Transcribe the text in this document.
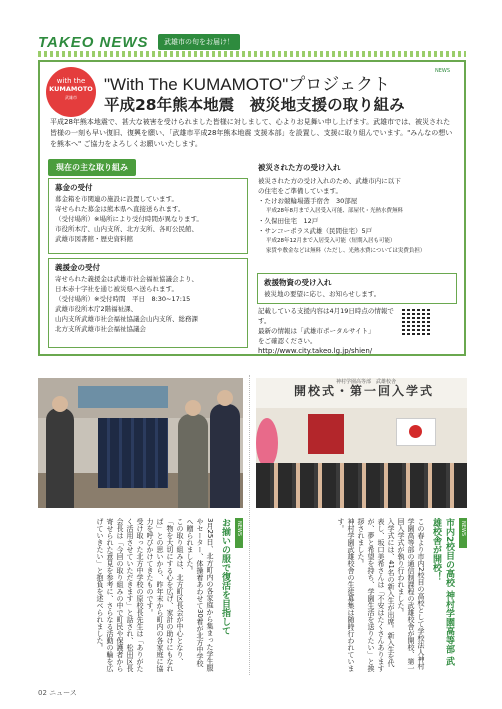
TAKEO NEWS	武雄市の旬をお届け！
with the
KUMAMOTO
武雄市
NEWS
"With The KUMAMOTO"プロジェクト
平成28年熊本地震　被災地支援の取り組み
平成28年熊本地震で、甚大な被害を受けられました皆様に対しまして、心よりお見舞い申し上げます。武雄市では、被災された皆様の一刻も早い復旧、復興を願い、「武雄市平成28年熊本地震 支援本部」を設置し、支援に取り組んでいます。"みんなの想いを熊本へ" ご協力をよろしくお願いいたします。
現在の主な取り組み
募金の受付
募金箱を市関連の施設に設置しています。
寄せられた募金は熊本県へ直接送られます。
（受付場所）※場所により受付時間が異なります。
市役所本庁、山内支所、北方支所、各町公民館、
武雄市図書館・歴史資料館
義援金の受付
寄せられた義援金は武雄市社会福祉協議会より、
日本赤十字社を通じ被災県へ送られます。
（受付場所）※受付時間　平日　8:30~17:15
武雄市役所本庁2階福祉課、
山内支所武雄市社会福祉協議会山内支所、総務課
北方支所武雄市社会福祉協議会
被災された方の受け入れ
被災された方の受け入れのため、武雄市内に以下
の住宅をご準備しています。
・たけお競輪場選手宿舎　30部屋
平成28年8月まで入居受入可能、部屋代・光熱水費無料
・久保田住宅　12戸
・サンコーポラス武雄（民間住宅）5戸
平成28年12月まで入居受入可能（短期入居も可能）
家賃や敷金などは無料（ただし、光熱水費については実費負担）
救援物資の受け入れ
被災地の要望に応じ、お知らせします。
記載している支援内容は4月19日時点の情報です。
最新の情報は「武雄市ポータルサイト」
をご確認ください。
http://www.city.takeo.lg.jp/shien/
開校式・第一回入学式
神村学園高等部　武雄校舎
NEWS
お揃いの服で復活を目指して
3月25日、北方町内の各家庭から集まった学生服やセーター、体操着あわせて30着が北方中学校へ贈られました。
この取り組みは、北方町区長会が中心となり、「物を大切にする心を広げ、家計の助けにもなれば」との思いから、昨年末から町内の各家庭に協力を呼びかけてきたものです。
受け取った北方中学校の原校長先生は「ありがたく活用させていただきます」と話され、松田区長会長は「今回の取り組みの中で町民や保護者から寄せられた意見を参考に、さらなる活動の輪を広げていきたい」と抱負を述べられました。	NEWS
市内2校目の高校 神村学園高等部 武雄校舎が開校！
この春より市内2校目の高校として学校法人神村学園高等部の通信制課程の武雄校舎が開校、第一回入学式が執り行われました。
入学式には、41名の新入生が出席。新入生を代表し、坂口美希さんは「不安はたくさんありますが、夢と希望を持ち、学園生活を送りたい」と挨拶されました。
神村学園武雄校舎の生徒募集は随時行われています。
02 ニュース
